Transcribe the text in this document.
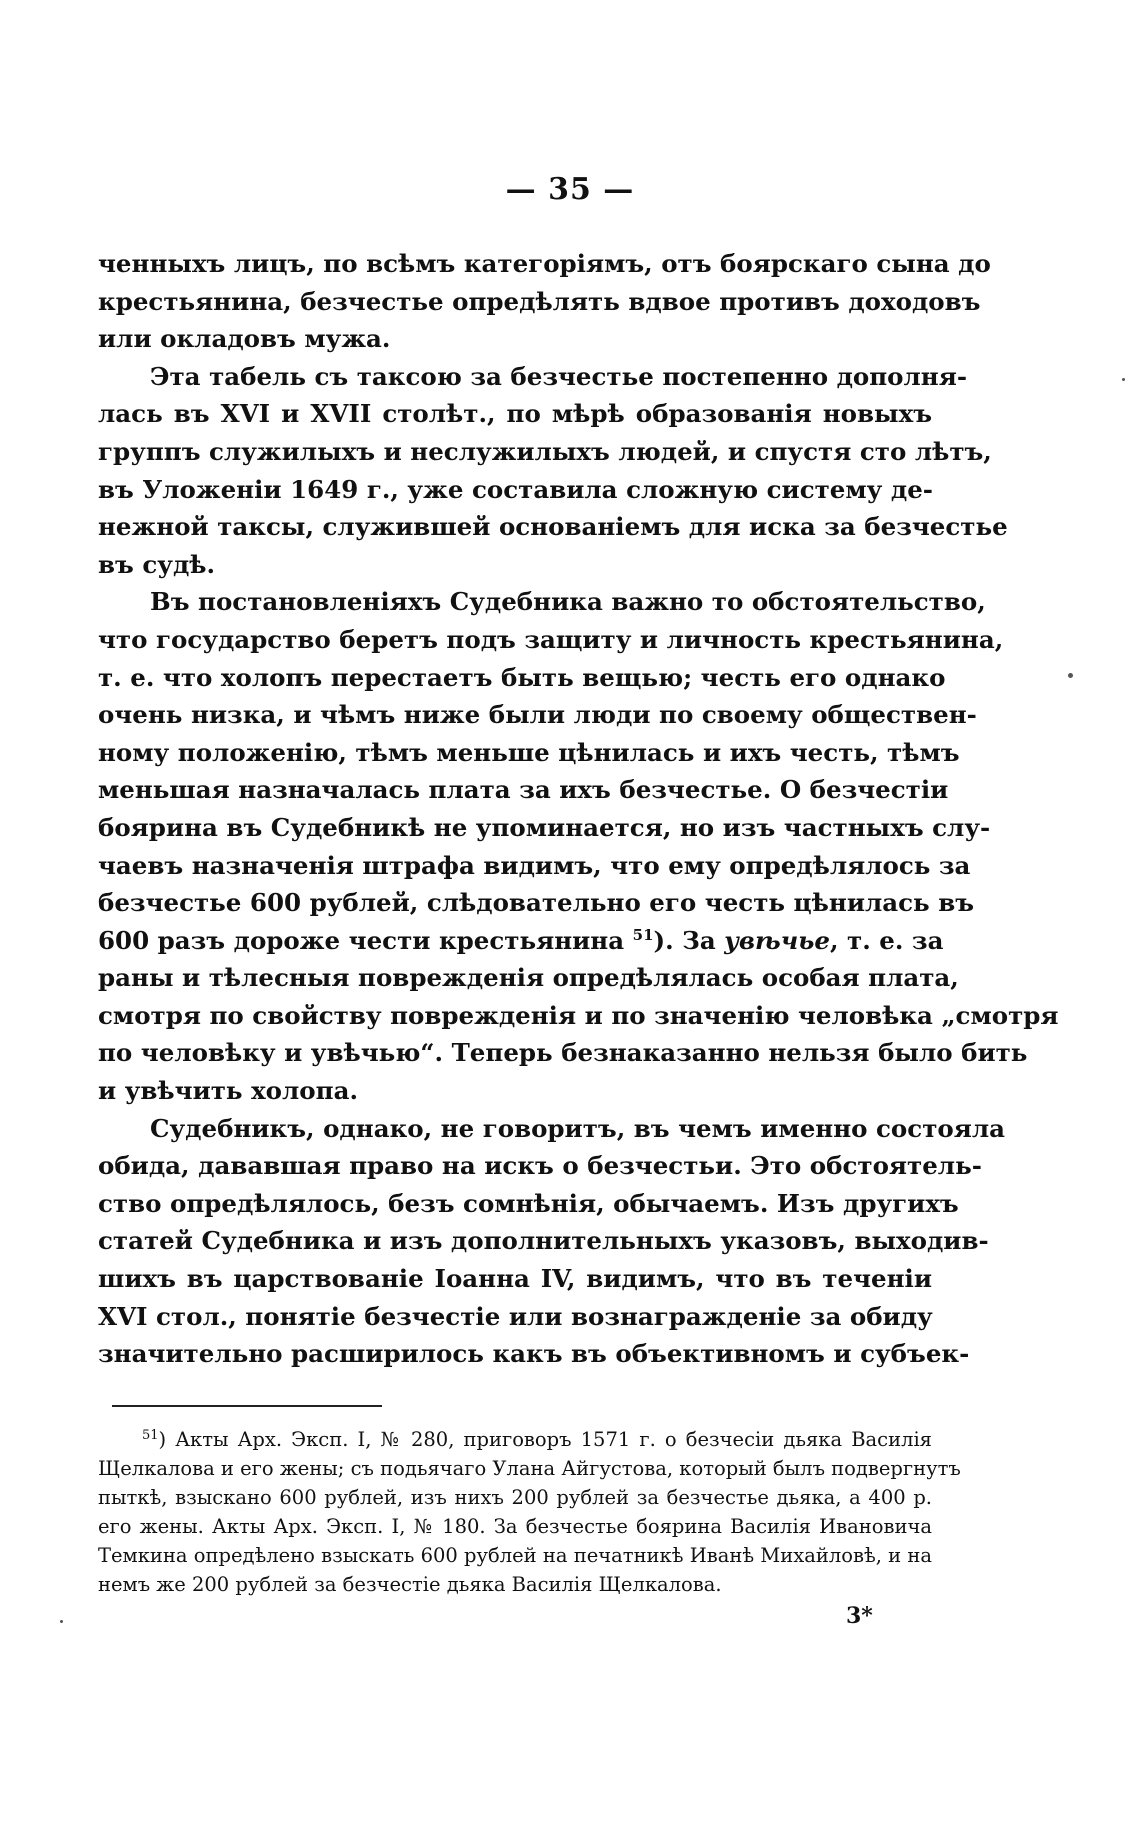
— 35 —

ченныхъ лицъ, по всѣмъ категоріямъ, отъ боярскаго сына до
крестьянина, безчестье опредѣлять вдвое противъ доходовъ
или окладовъ мужа.

Эта табель съ таксою за безчестье постепенно дополня-
лась въ XVI и XVII столѣт., по мѣрѣ образованія новыхъ
группъ служилыхъ и неслужилыхъ людей, и спустя сто лѣтъ,
въ Уложеніи 1649 г., уже составила сложную систему де-
нежной таксы, служившей основаніемъ для иска за безчестье
въ судѣ.

Въ постановленіяхъ Судебника важно то обстоятельство,
что государство беретъ подъ защиту и личность крестьянина,
т. е. что холопъ перестаетъ быть вещью; честь его однако
очень низка, и чѣмъ ниже были люди по своему обществен-
ному положенію, тѣмъ меньше цѣнилась и ихъ честь, тѣмъ
меньшая назначалась плата за ихъ безчестье. О безчестіи
боярина въ Судебникѣ не упоминается, но изъ частныхъ слу-
чаевъ назначенія штрафа видимъ, что ему опредѣлялось за
безчестье 600 рублей, слѣдовательно его честь цѣнилась въ
600 разъ дороже чести крестьянина $^{51}$). За увѣчье, т. е. за
раны и тѣлесныя поврежденія опредѣлялась особая плата,
смотря по свойству поврежденія и по значенію человѣка „смотря
по человѣку и увѣчью“. Теперь безнаказанно нельзя было бить
и увѣчить холопа.

Судебникъ, однако, не говоритъ, въ чемъ именно состояла
обида, дававшая право на искъ о безчестьи. Это обстоятель-
ство опредѣлялось, безъ сомнѣнія, обычаемъ. Изъ другихъ
статей Судебника и изъ дополнительныхъ указовъ, выходив-
шихъ въ царствованіе Іоанна IV, видимъ, что въ теченіи
XVI стол., понятіе безчестіе или вознагражденіе за обиду
значительно расширилось какъ въ объективномъ и субъек-

$^{51}$) Акты Арх. Эксп. I, № 280, приговоръ 1571 г. о безчесіи дьяка Василія
Щелкалова и его жены; съ подьячаго Улана Айгустова, который былъ подвергнутъ
пыткѣ, взыскано 600 рублей, изъ нихъ 200 рублей за безчестье дьяка, а 400 р.
его жены. Акты Арх. Эксп. I, № 180. За безчестье боярина Василія Ивановича
Темкина опредѣлено взыскать 600 рублей на печатникѣ Иванѣ Михайловѣ, и на
немъ же 200 рублей за безчестіе дьяка Василія Щелкалова.
3*
